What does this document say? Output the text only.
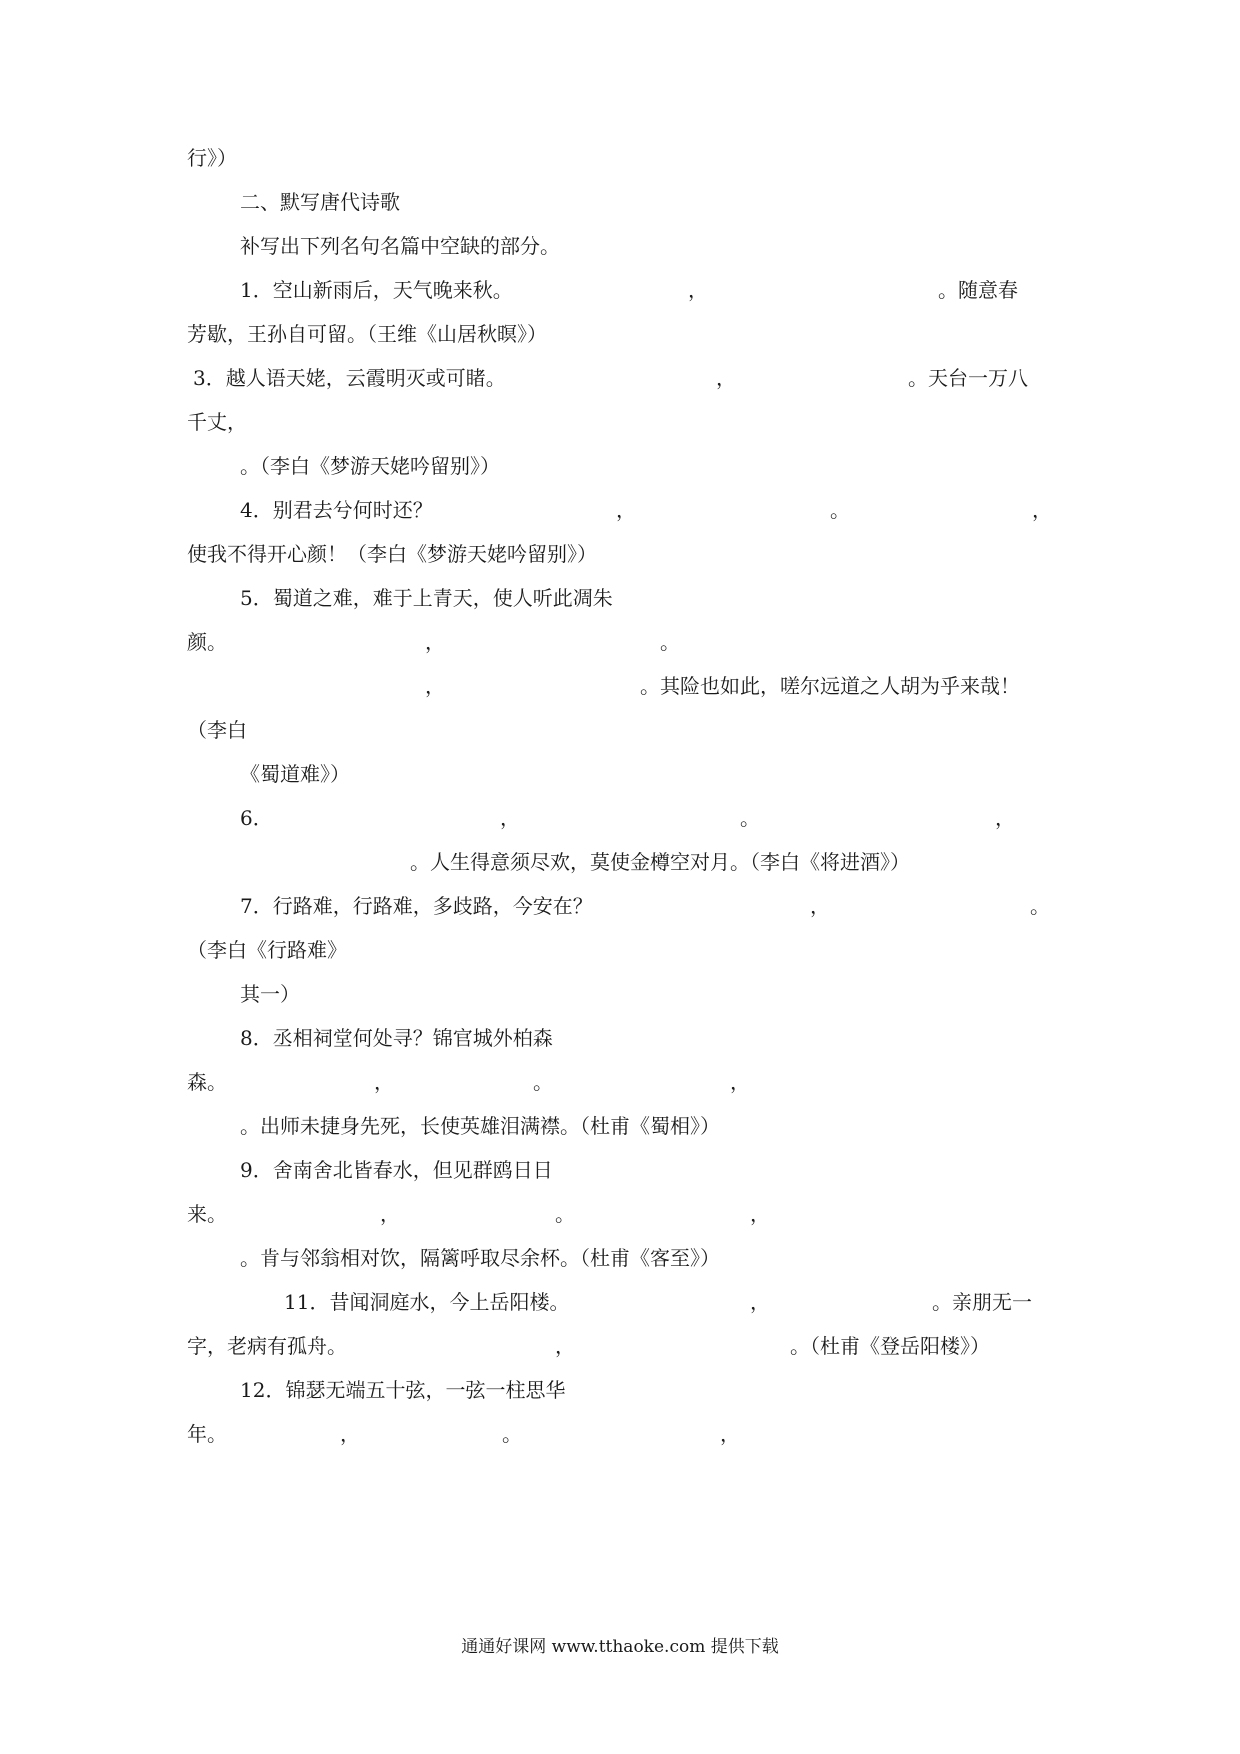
行》）
二、默写唐代诗歌
补写出下列名句名篇中空缺的部分。
1．空山新雨后，天气晚来秋。	，	。随意春
芳歇，王孙自可留。（王维《山居秋暝》）
3．越人语天姥，云霞明灭或可睹。	，	。天台一万八
千丈，
。（李白《梦游天姥吟留别》）
4．别君去兮何时还？	，	。	，
使我不得开心颜！（李白《梦游天姥吟留别》）
5．蜀道之难，难于上青天，使人听此凋朱
颜。	，	。
，	。其险也如此，嗟尔远道之人胡为乎来哉！
（李白
《蜀道难》）
6．	，	。	，
。人生得意须尽欢，莫使金樽空对月。（李白《将进酒》）
7．行路难，行路难，多歧路，今安在？	，	。
（李白《行路难》
其一）
8．丞相祠堂何处寻？锦官城外柏森
森。	，	。	，
。出师未捷身先死，长使英雄泪满襟。（杜甫《蜀相》）
9．舍南舍北皆春水，但见群鸥日日
来。	，	。	，
。肯与邻翁相对饮，隔篱呼取尽余杯。（杜甫《客至》）
11．昔闻洞庭水，今上岳阳楼。	，	。亲朋无一
字，老病有孤舟。	，	。（杜甫《登岳阳楼》）
12．锦瑟无端五十弦，一弦一柱思华
年。	，	。	，
通通好课网 www.tthaoke.com 提供下载
